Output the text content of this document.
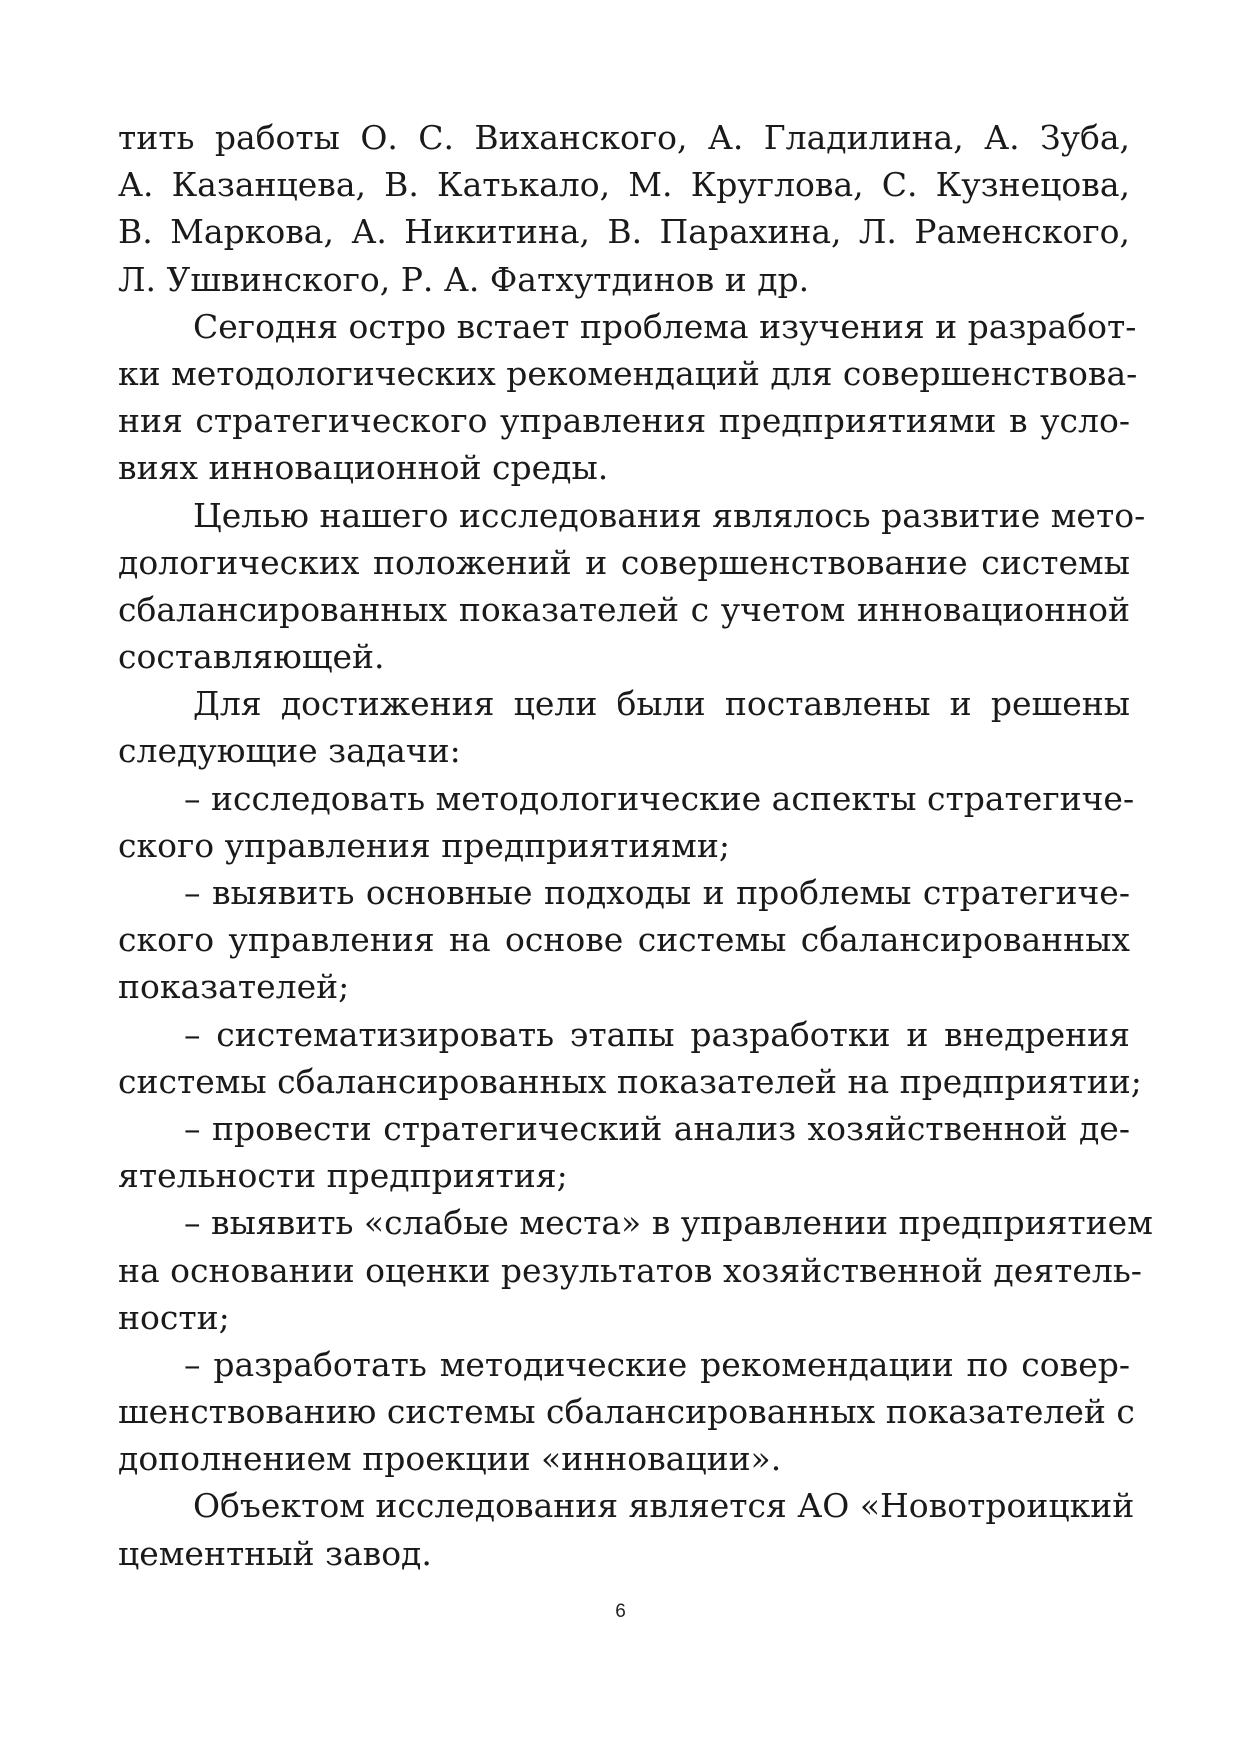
тить работы О. С. Виханского, А. Гладилина, А. Зуба,
А. Казанцева, В. Катькало, М. Круглова, С. Кузнецова,
В. Маркова, А. Никитина, В. Парахина, Л. Раменского,
Л. Ушвинского, Р. А. Фатхутдинов и др.
Сегодня остро встает проблема изучения и разработ-
ки методологических рекомендаций для совершенствова-
ния стратегического управления предприятиями в усло-
виях инновационной среды.
Целью нашего исследования являлось развитие мето-
дологических положений и совершенствование системы
сбалансированных показателей с учетом инновационной
составляющей.
Для достижения цели были поставлены и решены
следующие задачи:
– исследовать методологические аспекты стратегиче-
ского управления предприятиями;
– выявить основные подходы и проблемы стратегиче-
ского управления на основе системы сбалансированных
показателей;
– систематизировать этапы разработки и внедрения
системы сбалансированных показателей на предприятии;
– провести стратегический анализ хозяйственной де-
ятельности предприятия;
– выявить «слабые места» в управлении предприятием
на основании оценки результатов хозяйственной деятель-
ности;
– разработать методические рекомендации по совер-
шенствованию системы сбалансированных показателей с
дополнением проекции «инновации».
Объектом исследования является АО «Новотроицкий
цементный завод.
6
